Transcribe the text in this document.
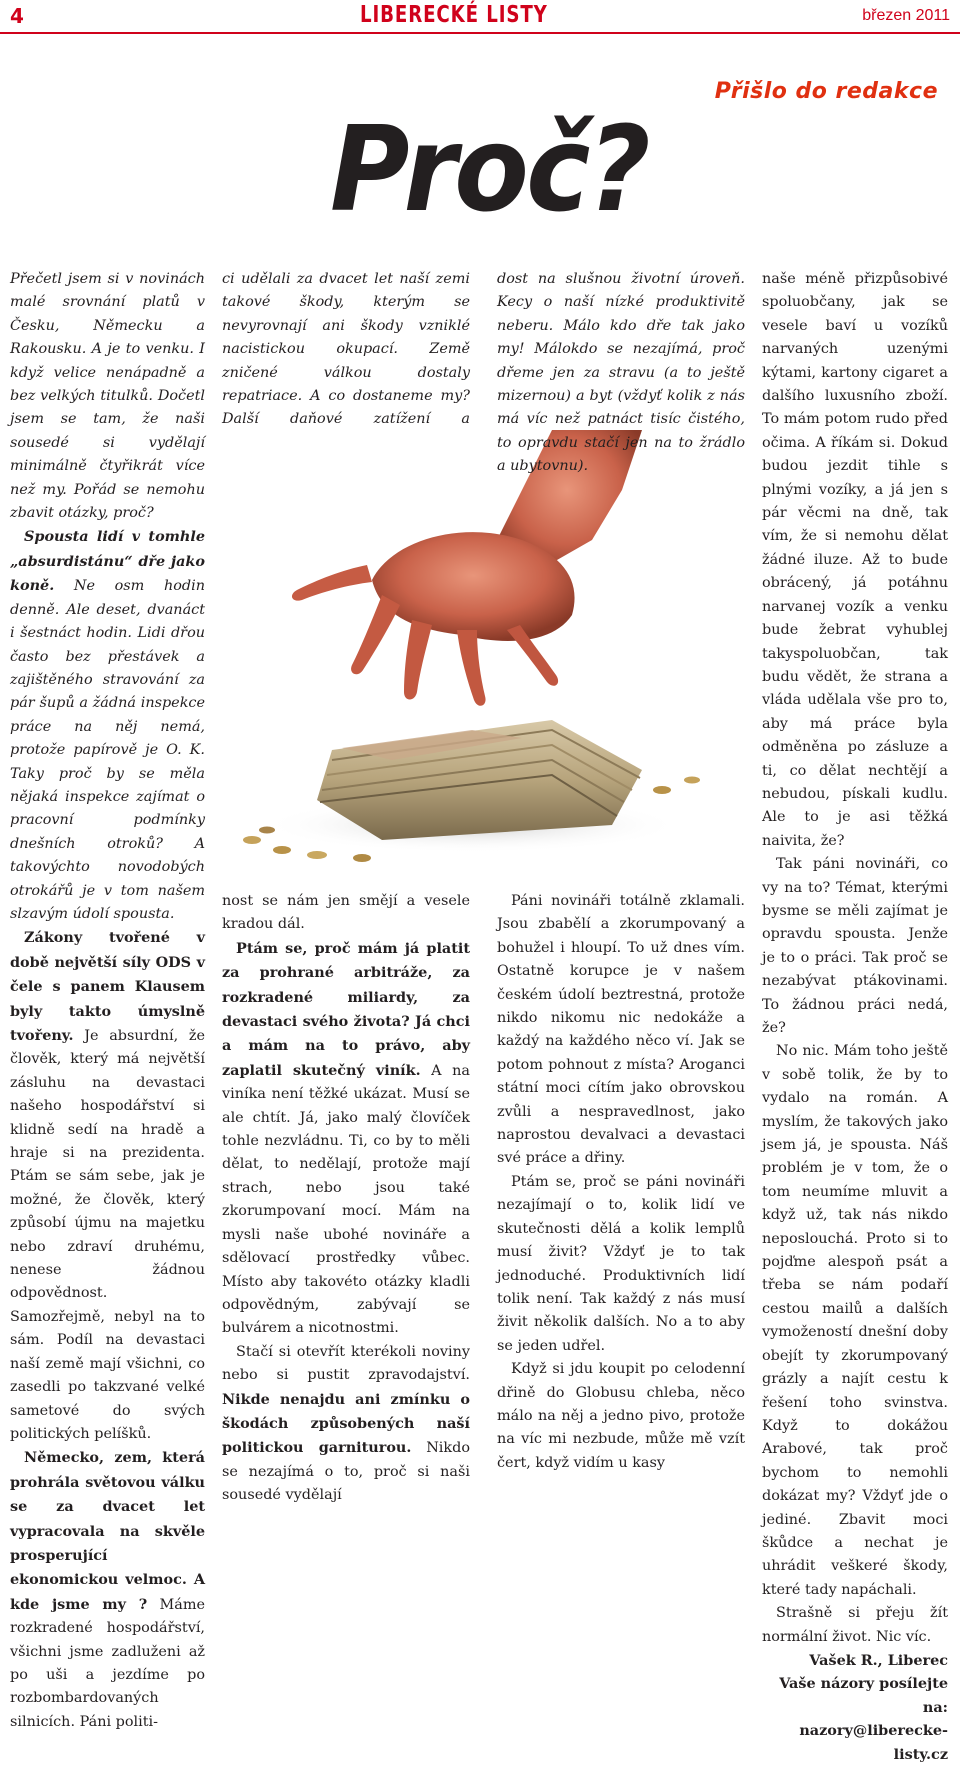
4	LIBERECKÉ LISTY	březen 2011
Přišlo do redakce
Proč?

Přečetl jsem si v novinách malé srovnání platů v Česku, Německu a Rakousku. A je to venku. I když velice nenápadně a bez velkých titulků. Dočetl jsem se tam, že naši sousedé si vydělají minimálně čtyřikrát více než my. Pořád se nemohu zbavit otázky, proč?

Spousta lidí v tomhle „absurdistánu“ dře jako koně. Ne osm hodin denně. Ale deset, dvanáct i šestnáct hodin. Lidi dřou často bez přestávek a zajištěného stravování za pár šupů a žádná inspekce práce na něj nemá, protože papírově je O. K. Taky proč by se měla nějaká inspekce zajímat o pracovní podmínky dnešních otroků? A takovýchto novodobých otrokářů je v tom našem slzavým údolí spousta.

Zákony tvořené v době největší síly ODS v čele s panem Klausem byly takto úmyslně tvořeny. Je absurdní, že člověk, který má největší zásluhu na devastaci našeho hospodářství si klidně sedí na hradě a hraje si na prezidenta. Ptám se sám sebe, jak je možné, že člověk, který způsobí újmu na majetku nebo zdraví druhému, nenese žádnou odpovědnost. Samozřejmě, nebyl na to sám. Podíl na devastaci naší země mají všichni, co zasedli po takzvané velké sametové do svých politických pelíšků.

Německo, zem, která prohrála světovou válku se za dvacet let vypracovala na skvěle prosperující ekonomickou velmoc. A kde jsme my ? Máme rozkradené hospodářství, všichni jsme zadluženi až po uši a jezdíme po rozbombardovaných silnicích. Páni politi-

ci udělali za dvacet let naší zemi takové škody, kterým se nevyrovnají ani škody vzniklé nacistickou okupací. Země zničené válkou dostaly repatriace. A co dostaneme my? Další daňové zatížení a

nost se nám jen smějí a vesele kradou dál.

Ptám se, proč mám já platit za prohrané arbitráže, za rozkradené miliardy, za devastaci svého života? Já chci a mám na to právo, aby zaplatil skutečný viník. A na viníka není těžké ukázat. Musí se ale chtít. Já, jako malý človíček tohle nezvládnu. Ti, co by to měli dělat, to nedělají, protože mají strach, nebo jsou také zkorumpovaní mocí. Mám na mysli naše ubohé novináře a sdělovací prostředky vůbec. Místo aby takovéto otázky kladli odpovědným, zabývají se bulvárem a nicotnostmi.

Stačí si otevřít kterékoli noviny nebo si pustit zpravodajství. Nikde nenajdu ani zmínku o škodách způsobených naší politickou garniturou. Nikdo se nezajímá o to, proč si naši sousedé vydělají

dost na slušnou životní úroveň. Kecy o naší nízké produktivitě neberu. Málo kdo dře tak jako my! Málokdo se nezajímá, proč dřeme jen za stravu (a to ještě mizernou) a byt (vždyť kolik z nás má víc než patnáct tisíc čistého, to opravdu stačí jen na to žrádlo a ubytovnu).

Páni novináři totálně zklamali. Jsou zbabělí a zkorumpovaný a bohužel i hloupí. To už dnes vím. Ostatně korupce je v našem českém údolí beztrestná, protože nikdo nikomu nic nedokáže a každý na každého něco ví. Jak se potom pohnout z místa? Aroganci státní moci cítím jako obrovskou zvůli a nespravedlnost, jako naprostou devalvaci a devastaci své práce a dřiny.

Ptám se, proč se páni novináři nezajímají o to, kolik lidí ve skutečnosti dělá a kolik lemplů musí živit? Vždyť je to tak jednoduché. Produktivních lidí tolik není. Tak každý z nás musí živit několik dalších. No a to aby se jeden udřel.

Když si jdu koupit po celodenní dřině do Globusu chleba, něco málo na něj a jedno pivo, protože na víc mi nezbude, může mě vzít čert, když vidím u kasy

naše méně přizpůsobivé spoluobčany, jak se vesele baví u vozíků narvaných uzenými kýtami, kartony cigaret a dalšího luxusního zboží. To mám potom rudo před očima. A říkám si. Dokud budou jezdit tihle s plnými vozíky, a já jen s pár věcmi na dně, tak vím, že si nemohu dělat žádné iluze. Až to bude obrácený, já potáhnu narvanej vozík a venku bude žebrat vyhublej takyspoluobčan, tak budu vědět, že strana a vláda udělala vše pro to, aby má práce byla odměněna po zásluze a ti, co dělat nechtějí a nebudou, pískali kudlu. Ale to je asi těžká naivita, že?

Tak páni novináři, co vy na to? Témat, kterými bysme se měli zajímat je opravdu spousta. Jenže je to o práci. Tak proč se nezabývat ptákovinami. To žádnou práci nedá, že?

No nic. Mám toho ještě v sobě tolik, že by to vydalo na román. A myslím, že takových jako jsem já, je spousta. Náš problém je v tom, že o tom neumíme mluvit a když už, tak nás nikdo neposlouchá. Proto si to pojďme alespoň psát a třeba se nám podaří cestou mailů a dalších vymožeností dnešní doby obejít ty zkorumpovaný grázly a najít cestu k řešení toho svinstva. Když to dokážou Arabové, tak proč bychom to nemohli dokázat my? Vždyť jde o jediné. Zbavit moci škůdce a nechat je uhrádit veškeré škody, které tady napáchali.

Strašně si přeju žít normální život. Nic víc.

Vašek R., Liberec

Vaše názory posílejte na:

nazory@liberecke-listy.cz
